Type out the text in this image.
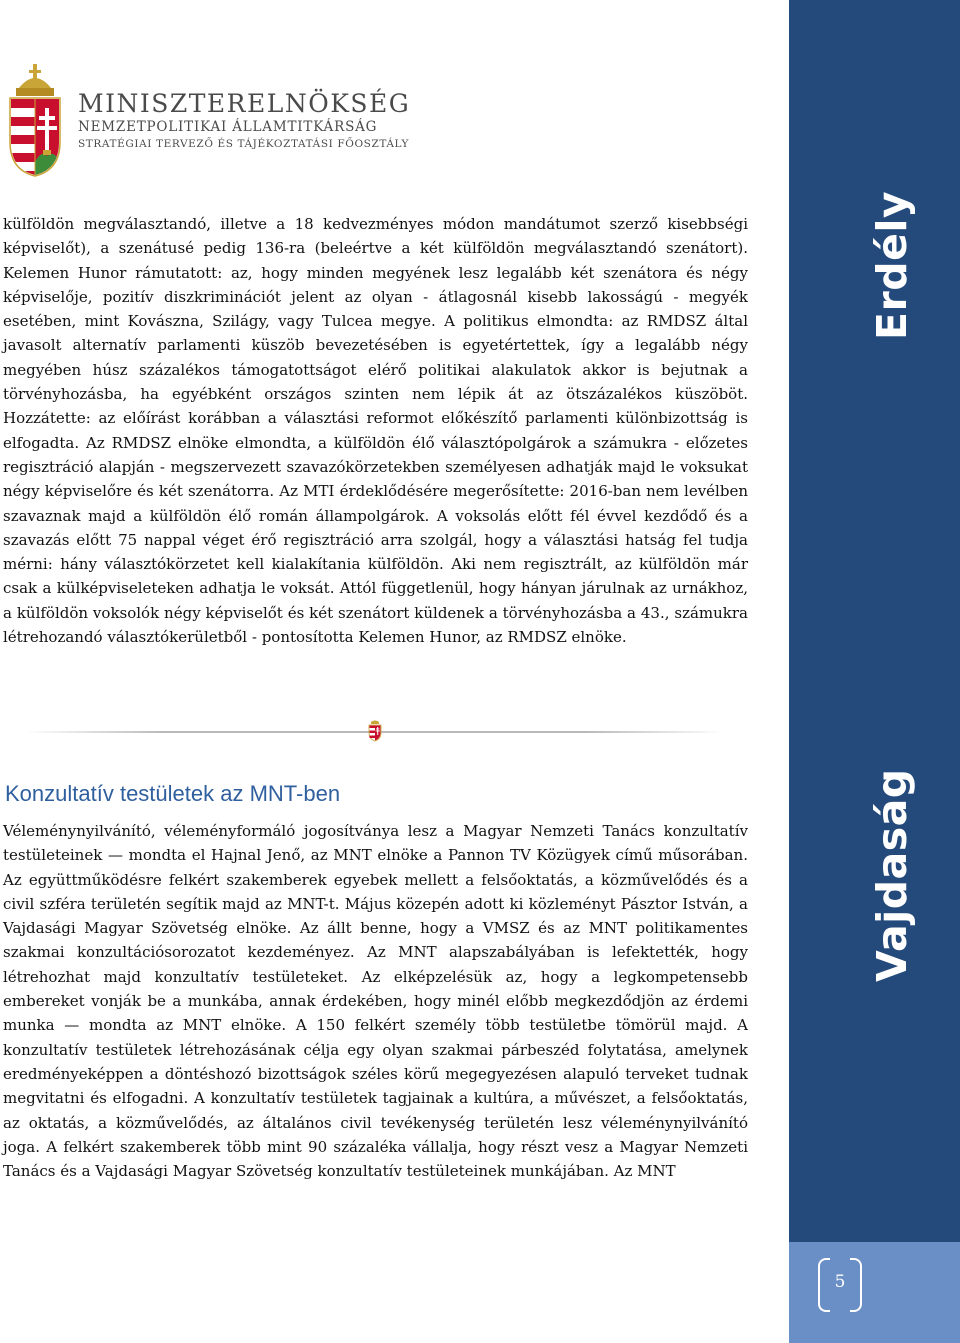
MINISZTERELNÖKSÉG
NEMZETPOLITIKAI ÁLLAMTITKÁRSÁG
STRATÉGIAI TERVEZŐ ÉS TÁJÉKOZTATÁSI FŐOSZTÁLY
Erdély
Vajdaság
5
külföldön megválasztandó, illetve a 18 kedvezményes módon mandátumot szerző kisebbségi képviselőt), a szenátusé pedig 136-ra (beleértve a két külföldön megválasztandó szenátort). Kelemen Hunor rámutatott: az, hogy minden megyének lesz legalább két szenátora és négy képviselője, pozitív diszkriminációt jelent az olyan - átlagosnál kisebb lakosságú - megyék esetében, mint Kovászna, Szilágy, vagy Tulcea megye. A politikus elmondta: az RMDSZ által javasolt alternatív parlamenti küszöb bevezetésében is egyetértettek, így a legalább négy megyében húsz százalékos támogatottságot elérő politikai alakulatok akkor is bejutnak a törvényhozásba, ha egyébként országos szinten nem lépik át az ötszázalékos küszöböt. Hozzátette: az előírást korábban a választási reformot előkészítő parlamenti különbizottság is elfogadta. Az RMDSZ elnöke elmondta, a külföldön élő választópolgárok a számukra - előzetes regisztráció alapján - megszervezett szavazókörzetekben személyesen adhatják majd le voksukat négy képviselőre és két szenátorra. Az MTI érdeklődésére megerősítette: 2016-ban nem levélben szavaznak majd a külföldön élő román állampolgárok. A voksolás előtt fél évvel kezdődő és a szavazás előtt 75 nappal véget érő regisztráció arra szolgál, hogy a választási hatság fel tudja mérni: hány választókörzetet kell kialakítania külföldön. Aki nem regisztrált, az külföldön már csak a külképviseleteken adhatja le voksát. Attól függetlenül, hogy hányan járulnak az urnákhoz, a külföldön voksolók négy képviselőt és két szenátort küldenek a törvényhozásba a 43., számukra létrehozandó választókerületből - pontosította Kelemen Hunor, az RMDSZ elnöke.
Konzultatív testületek az MNT-ben
Véleménynyilvánító, véleményformáló jogosítványa lesz a Magyar Nemzeti Tanács konzultatív testületeinek — mondta el Hajnal Jenő, az MNT elnöke a Pannon TV Közügyek című műsorában. Az együttműködésre felkért szakemberek egyebek mellett a felsőoktatás, a közművelődés és a civil szféra területén segítik majd az MNT-t. Május közepén adott ki közleményt Pásztor István, a Vajdasági Magyar Szövetség elnöke. Az állt benne, hogy a VMSZ és az MNT politikamentes szakmai konzultációsorozatot kezdeményez. Az MNT alapszabályában is lefektették, hogy létrehozhat majd konzultatív testületeket. Az elképzelésük az, hogy a legkompetensebb embereket vonják be a munkába, annak érdekében, hogy minél előbb megkezdődjön az érdemi munka — mondta az MNT elnöke. A 150 felkért személy több testületbe tömörül majd. A konzultatív testületek létrehozásának célja egy olyan szakmai párbeszéd folytatása, amelynek eredményeképpen a döntéshozó bizottságok széles körű megegyezésen alapuló terveket tudnak megvitatni és elfogadni. A konzultatív testületek tagjainak a kultúra, a művészet, a felsőoktatás, az oktatás, a közművelődés, az általános civil tevékenység területén lesz véleménynyilvánító joga. A felkért szakemberek több mint 90 százaléka vállalja, hogy részt vesz a Magyar Nemzeti Tanács és a Vajdasági Magyar Szövetség konzultatív testületeinek munkájában. Az MNT
